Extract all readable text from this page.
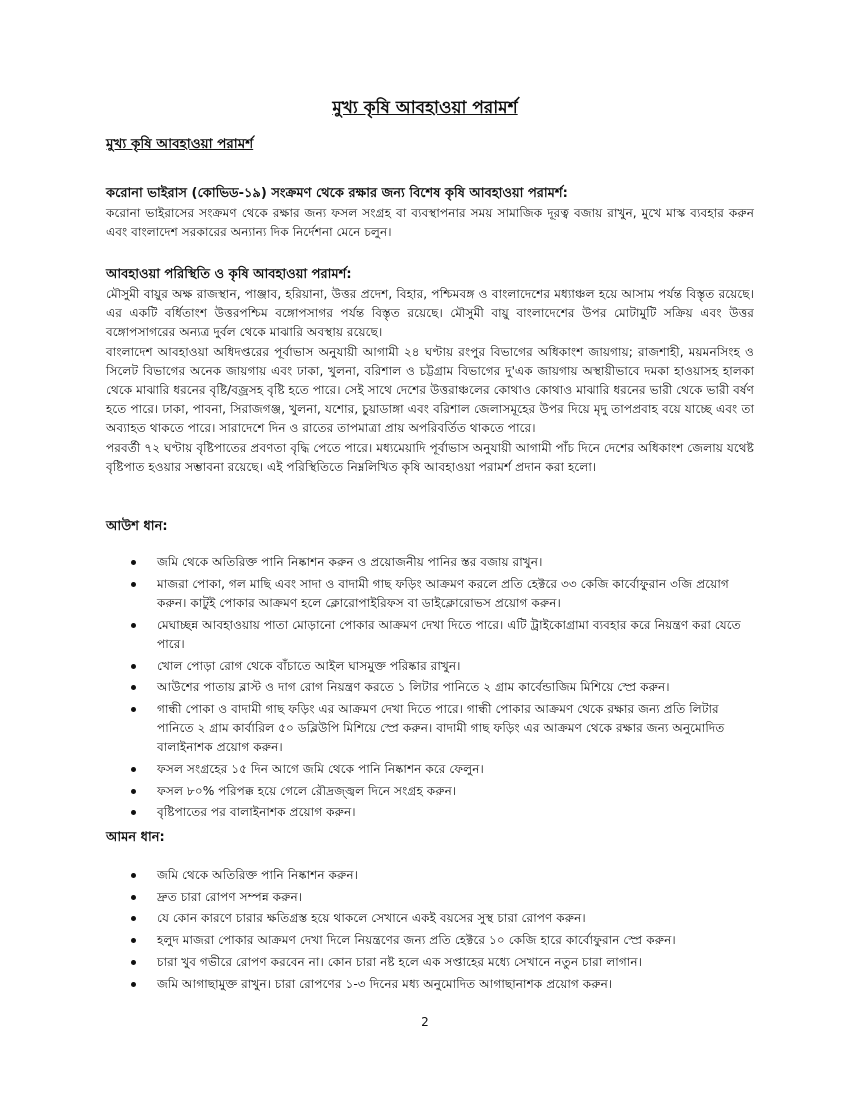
মুখ্য কৃষি আবহাওয়া পরামর্শ
মুখ্য কৃষি আবহাওয়া পরামর্শ
করোনা ভাইরাস (কোভিড-১৯) সংক্রমণ থেকে রক্ষার জন্য বিশেষ কৃষি আবহাওয়া পরামর্শ:

করোনা ভাইরাসের সংক্রমণ থেকে রক্ষার জন্য ফসল সংগ্রহ বা ব্যবস্থাপনার সময় সামাজিক দূরত্ব বজায় রাখুন, মুখে মাস্ক ব্যবহার করুন এবং বাংলাদেশ সরকারের অন্যান্য দিক নির্দেশনা মেনে চলুন।

আবহাওয়া পরিস্থিতি ও কৃষি আবহাওয়া পরামর্শ:

মৌসুমী বায়ুর অক্ষ রাজস্থান, পাঞ্জাব, হরিয়ানা, উত্তর প্রদেশ, বিহার, পশ্চিমবঙ্গ ও বাংলাদেশের মধ্যাঞ্চল হয়ে আসাম পর্যন্ত বিস্তৃত রয়েছে। এর একটি বর্ধিতাংশ উত্তরপশ্চিম বঙ্গোপসাগর পর্যন্ত বিস্তৃত রয়েছে। মৌসুমী বায়ু বাংলাদেশের উপর মোটামুটি সক্রিয় এবং উত্তর বঙ্গোপসাগরের অন্যত্র দুর্বল থেকে মাঝারি অবস্থায় রয়েছে।

বাংলাদেশ আবহাওয়া অধিদপ্তরের পূর্বাভাস অনুযায়ী আগামী ২৪ ঘণ্টায় রংপুর বিভাগের অধিকাংশ জায়গায়; রাজশাহী, ময়মনসিংহ ও সিলেট বিভাগের অনেক জায়গায় এবং ঢাকা, খুলনা, বরিশাল ও চট্টগ্রাম বিভাগের দু'এক জায়গায় অস্থায়ীভাবে দমকা হাওয়াসহ হালকা থেকে মাঝারি ধরনের বৃষ্টি/বজ্রসহ বৃষ্টি হতে পারে। সেই সাথে দেশের উত্তরাঞ্চলের কোথাও কোথাও মাঝারি ধরনের ভারী থেকে ভারী বর্ষণ হতে পারে। ঢাকা, পাবনা, সিরাজগঞ্জ, খুলনা, যশোর, চুয়াডাঙ্গা এবং বরিশাল জেলাসমূহের উপর দিয়ে মৃদু তাপপ্রবাহ বয়ে যাচ্ছে এবং তা অব্যাহত থাকতে পারে। সারাদেশে দিন ও রাতের তাপমাত্রা প্রায় অপরিবর্তিত থাকতে পারে।

পরবর্তী ৭২ ঘণ্টায় বৃষ্টিপাতের প্রবণতা বৃদ্ধি পেতে পারে। মধ্যমেয়াদি পূর্বাভাস অনুযায়ী আগামী পাঁচ দিনে দেশের অধিকাংশ জেলায় যথেষ্ট বৃষ্টিপাত হওয়ার সম্ভাবনা রয়েছে। এই পরিস্থিতিতে নিম্নলিখিত কৃষি আবহাওয়া পরামর্শ প্রদান করা হলো।

আউশ ধান:
জমি থেকে অতিরিক্ত পানি নিষ্কাশন করুন ও প্রয়োজনীয় পানির স্তর বজায় রাখুন।
মাজরা পোকা, গল মাছি এবং সাদা ও বাদামী গাছ ফড়িং আক্রমণ করলে প্রতি হেক্টরে ৩৩ কেজি কার্বোফুরান ৩জি প্রয়োগ করুন। কাটুই পোকার আক্রমণ হলে ক্লোরোপাইরিফস বা ডাইক্লোরোভস প্রয়োগ করুন।
মেঘাচ্ছন্ন আবহাওয়ায় পাতা মোড়ানো পোকার আক্রমণ দেখা দিতে পারে। এটি ট্রাইকোগ্রামা ব্যবহার করে নিয়ন্ত্রণ করা যেতে পারে।
খোল পোড়া রোগ থেকে বাঁচাতে আইল ঘাসমুক্ত পরিষ্কার রাখুন।
আউশের পাতায় ব্লাস্ট ও দাগ রোগ নিয়ন্ত্রণ করতে ১ লিটার পানিতে ২ গ্রাম কার্বেন্ডাজিম মিশিয়ে স্প্রে করুন।
গান্ধী পোকা ও বাদামী গাছ ফড়িং এর আক্রমণ দেখা দিতে পারে। গান্ধী পোকার আক্রমণ থেকে রক্ষার জন্য প্রতি লিটার পানিতে ২ গ্রাম কার্বারিল ৫০ ডব্লিউপি মিশিয়ে স্প্রে করুন। বাদামী গাছ ফড়িং এর আক্রমণ থেকে রক্ষার জন্য অনুমোদিত বালাইনাশক প্রয়োগ করুন।
ফসল সংগ্রহের ১৫ দিন আগে জমি থেকে পানি নিষ্কাশন করে ফেলুন।
ফসল ৮০% পরিপক্ক হয়ে গেলে রৌদ্রজ্জ্বল দিনে সংগ্রহ করুন।
বৃষ্টিপাতের পর বালাইনাশক প্রয়োগ করুন।
আমন ধান:
জমি থেকে অতিরিক্ত পানি নিষ্কাশন করুন।
দ্রুত চারা রোপণ সম্পন্ন করুন।
যে কোন কারণে চারার ক্ষতিগ্রস্ত হয়ে থাকলে সেখানে একই বয়সের সুস্থ চারা রোপণ করুন।
হলুদ মাজরা পোকার আক্রমণ দেখা দিলে নিয়ন্ত্রণের জন্য প্রতি হেক্টরে ১০ কেজি হারে কার্বোফুরান স্প্রে করুন।
চারা খুব গভীরে রোপণ করবেন না। কোন চারা নষ্ট হলে এক সপ্তাহের মধ্যে সেখানে নতুন চারা লাগান।
জমি আগাছামুক্ত রাখুন। চারা রোপণের ১-৩ দিনের মধ্য অনুমোদিত আগাছানাশক প্রয়োগ করুন।
2
